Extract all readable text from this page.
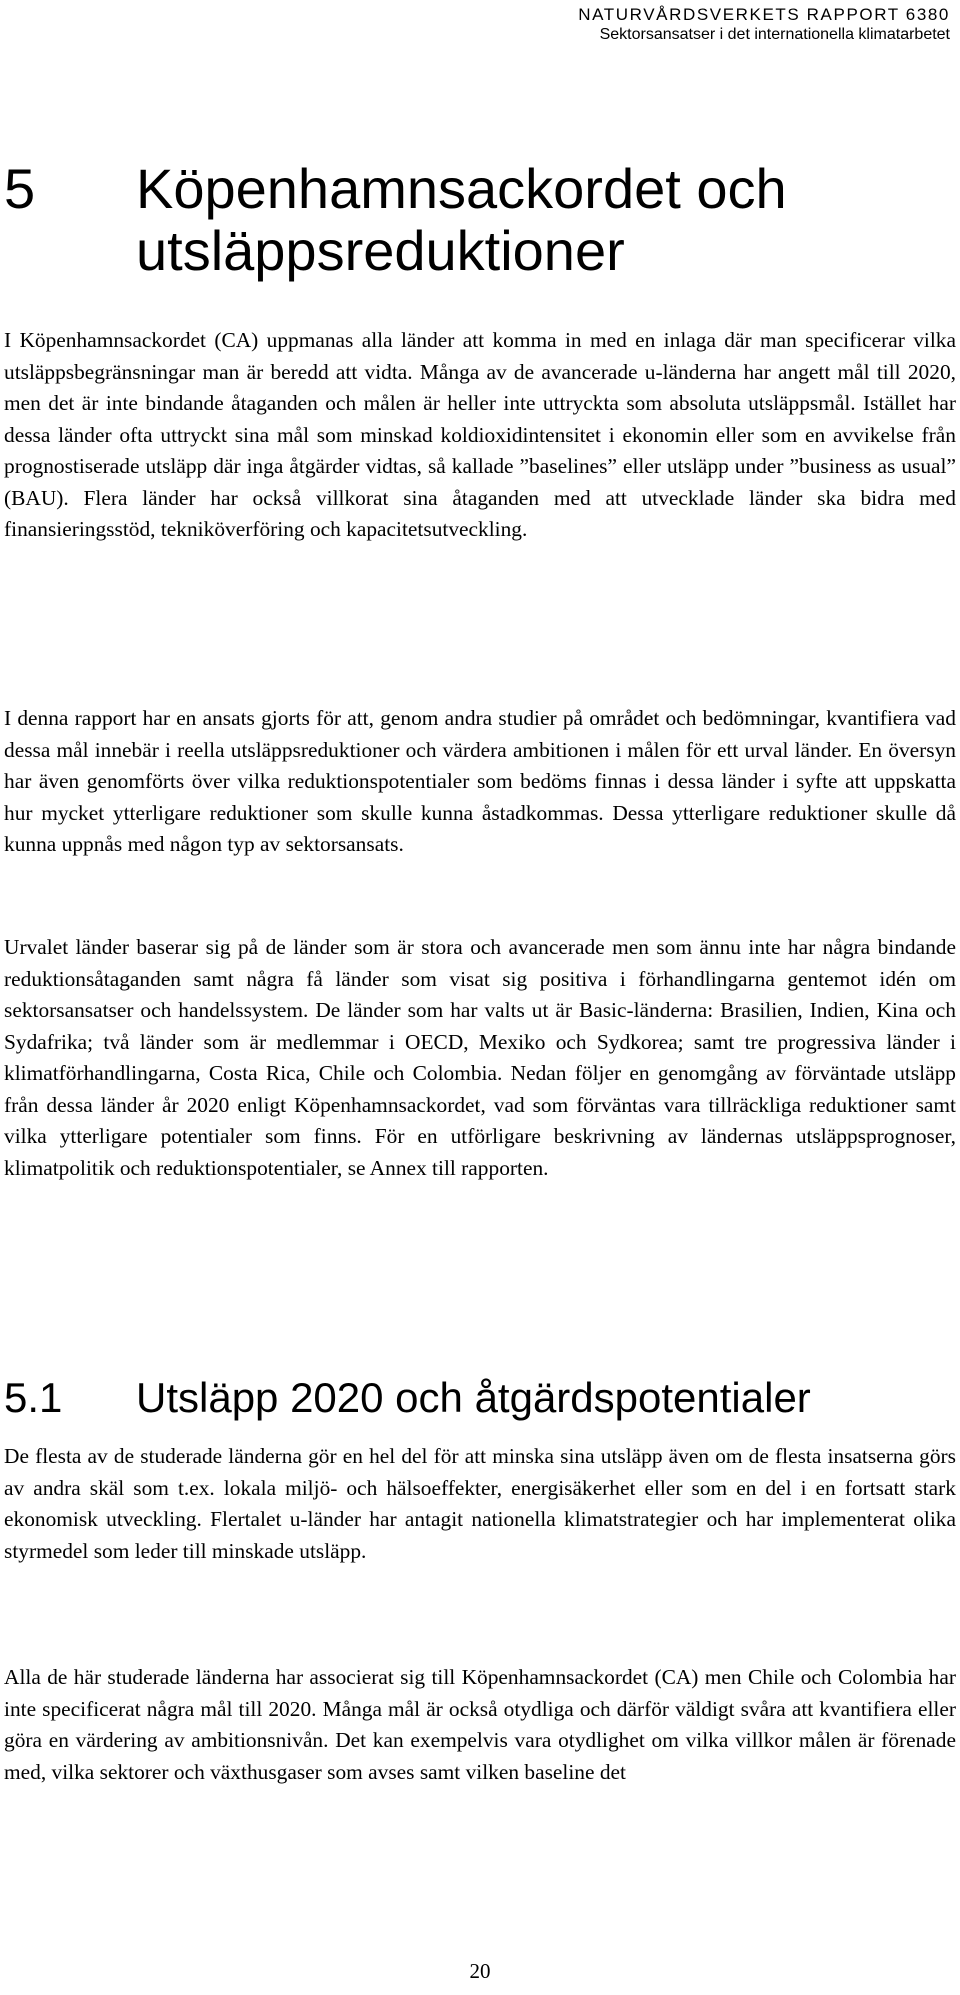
NATURVÅRDSVERKETS RAPPORT 6380
Sektorsansatser i det internationella klimatarbetet
5 Köpenhamnsackordet och utsläppsreduktioner

I Köpenhamnsackordet (CA) uppmanas alla länder att komma in med en inlaga där man specificerar vilka utsläppsbegränsningar man är beredd att vidta. Många av de avancerade u-länderna har angett mål till 2020, men det är inte bindande åtaganden och målen är heller inte uttryckta som absoluta utsläppsmål. Istället har dessa länder ofta uttryckt sina mål som minskad koldioxidintensitet i ekonomin eller som en avvikelse från prognostiserade utsläpp där inga åtgärder vidtas, så kallade ”baselines” eller utsläpp under ”business as usual” (BAU). Flera länder har också villkorat sina åtaganden med att utvecklade länder ska bidra med finansieringsstöd, tekniköverföring och kapacitetsutveckling.

I denna rapport har en ansats gjorts för att, genom andra studier på området och bedömningar, kvantifiera vad dessa mål innebär i reella utsläppsreduktioner och värdera ambitionen i målen för ett urval länder. En översyn har även genomförts över vilka reduktionspotentialer som bedöms finnas i dessa länder i syfte att uppskatta hur mycket ytterligare reduktioner som skulle kunna åstadkommas. Dessa ytterligare reduktioner skulle då kunna uppnås med någon typ av sektorsansats.

Urvalet länder baserar sig på de länder som är stora och avancerade men som ännu inte har några bindande reduktionsåtaganden samt några få länder som visat sig positiva i förhandlingarna gentemot idén om sektorsansatser och handelssystem. De länder som har valts ut är Basic-länderna: Brasilien, Indien, Kina och Sydafrika; två länder som är medlemmar i OECD, Mexiko och Sydkorea; samt tre progressiva länder i klimatförhandlingarna, Costa Rica, Chile och Colombia. Nedan följer en genomgång av förväntade utsläpp från dessa länder år 2020 enligt Köpenhamnsackordet, vad som förväntas vara tillräckliga reduktioner samt vilka ytterligare potentialer som finns. För en utförligare beskrivning av ländernas utsläppsprognoser, klimatpolitik och reduktionspotentialer, se Annex till rapporten.

5.1 Utsläpp 2020 och åtgärdspotentialer

De flesta av de studerade länderna gör en hel del för att minska sina utsläpp även om de flesta insatserna görs av andra skäl som t.ex. lokala miljö- och hälsoeffekter, energisäkerhet eller som en del i en fortsatt stark ekonomisk utveckling. Flertalet u-länder har antagit nationella klimatstrategier och har implementerat olika styrmedel som leder till minskade utsläpp.

Alla de här studerade länderna har associerat sig till Köpenhamnsackordet (CA) men Chile och Colombia har inte specificerat några mål till 2020. Många mål är också otydliga och därför väldigt svåra att kvantifiera eller göra en värdering av ambitionsnivån. Det kan exempelvis vara otydlighet om vilka villkor målen är förenade med, vilka sektorer och växthusgaser som avses samt vilken baseline det

20
